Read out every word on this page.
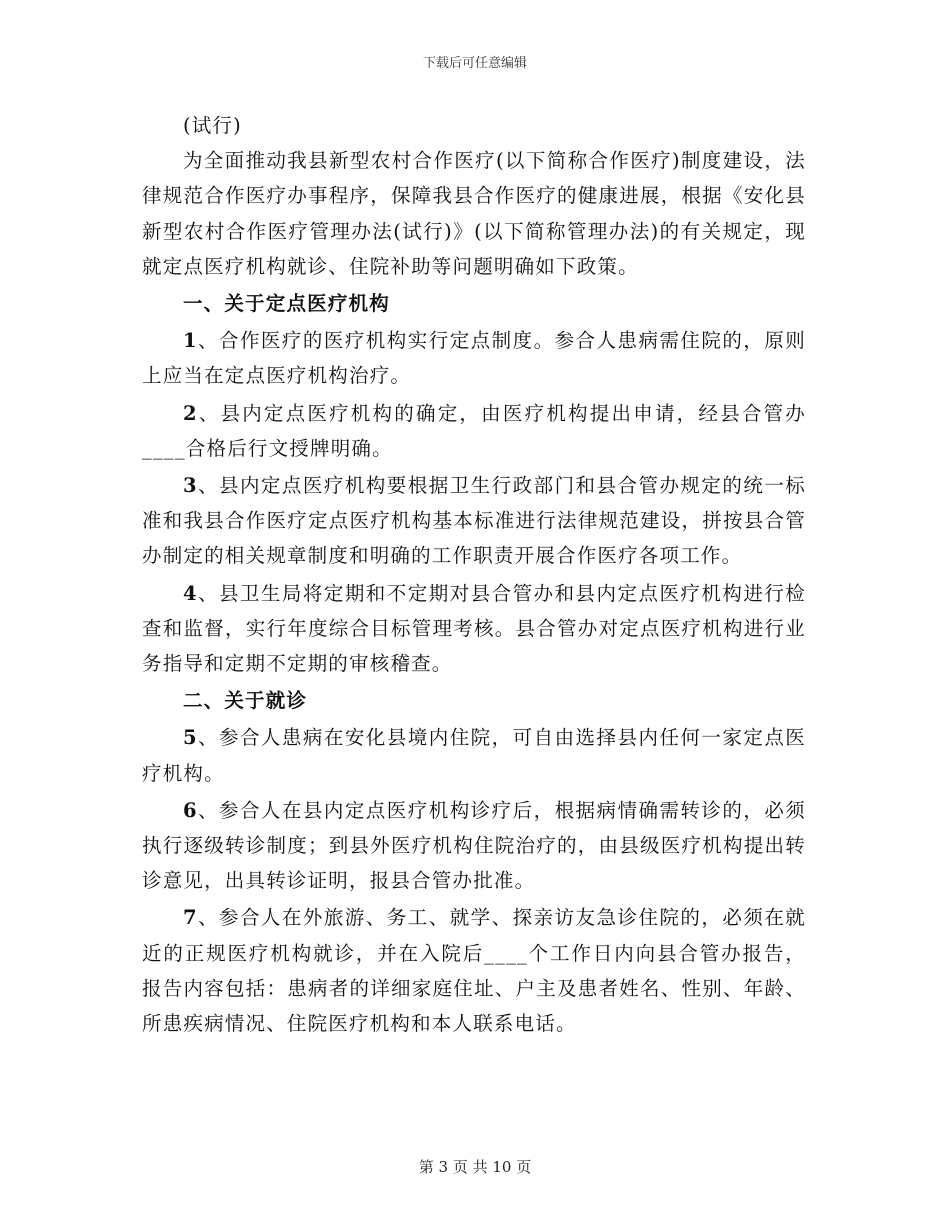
下载后可任意编辑

(试行)

为全面推动我县新型农村合作医疗(以下简称合作医疗)制度建设，法律规范合作医疗办事程序，保障我县合作医疗的健康进展，根据《安化县新型农村合作医疗管理办法(试行)》(以下简称管理办法)的有关规定，现就定点医疗机构就诊、住院补助等问题明确如下政策。

一、关于定点医疗机构

1、合作医疗的医疗机构实行定点制度。参合人患病需住院的，原则上应当在定点医疗机构治疗。

2、县内定点医疗机构的确定，由医疗机构提出申请，经县合管办____合格后行文授牌明确。

3、县内定点医疗机构要根据卫生行政部门和县合管办规定的统一标准和我县合作医疗定点医疗机构基本标准进行法律规范建设，拼按县合管办制定的相关规章制度和明确的工作职责开展合作医疗各项工作。

4、县卫生局将定期和不定期对县合管办和县内定点医疗机构进行检查和监督，实行年度综合目标管理考核。县合管办对定点医疗机构进行业务指导和定期不定期的审核稽查。

二、关于就诊

5、参合人患病在安化县境内住院，可自由选择县内任何一家定点医疗机构。

6、参合人在县内定点医疗机构诊疗后，根据病情确需转诊的，必须执行逐级转诊制度；到县外医疗机构住院治疗的，由县级医疗机构提出转诊意见，出具转诊证明，报县合管办批准。

7、参合人在外旅游、务工、就学、探亲访友急诊住院的，必须在就近的正规医疗机构就诊，并在入院后____个工作日内向县合管办报告，报告内容包括：患病者的详细家庭住址、户主及患者姓名、性别、年龄、所患疾病情况、住院医疗机构和本人联系电话。

第 3 页 共 10 页
